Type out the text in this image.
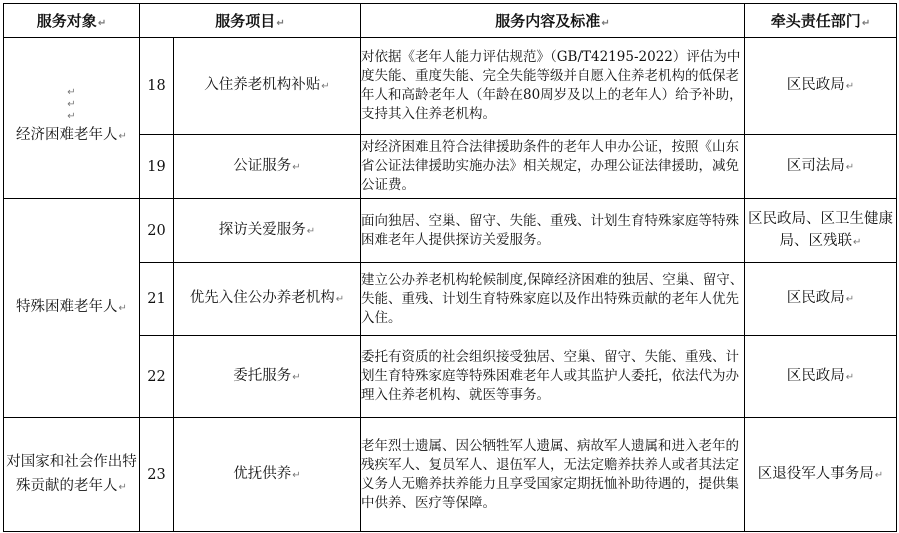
服务对象↵	服务项目↵		服务内容及标准↵	牵头责任部门↵

↵
↵
↵
经济困难老年人↵	18	入住养老机构补贴↵	对依据《老年人能力评估规范》（GB/T42195-2022）评估为中度失能、重度失能、完全失能等级并自愿入住养老机构的低保老年人和高龄老年人（年龄在80周岁及以上的老年人）给予补助，支持其入住养老机构。	区民政局↵
	19	公证服务↵	对经济困难且符合法律援助条件的老年人申办公证，按照《山东省公证法律援助实施办法》相关规定，办理公证法律援助，减免公证费。	区司法局↵
特殊困难老年人↵	20	探访关爱服务↵	面向独居、空巢、留守、失能、重残、计划生育特殊家庭等特殊困难老年人提供探访关爱服务。	区民政局、区卫生健康局、区残联↵
	21	优先入住公办养老机构↵	建立公办养老机构轮候制度,保障经济困难的独居、空巢、留守、失能、重残、计划生育特殊家庭以及作出特殊贡献的老年人优先入住。	区民政局↵
	22	委托服务↵	委托有资质的社会组织接受独居、空巢、留守、失能、重残、计划生育特殊家庭等特殊困难老年人或其监护人委托，依法代为办理入住养老机构、就医等事务。	区民政局↵
对国家和社会作出特殊贡献的老年人↵	23	优抚供养↵	老年烈士遗属、因公牺牲军人遗属、病故军人遗属和进入老年的残疾军人、复员军人、退伍军人，无法定赡养扶养人或者其法定义务人无赡养扶养能力且享受国家定期抚恤补助待遇的，提供集中供养、医疗等保障。	区退役军人事务局↵
